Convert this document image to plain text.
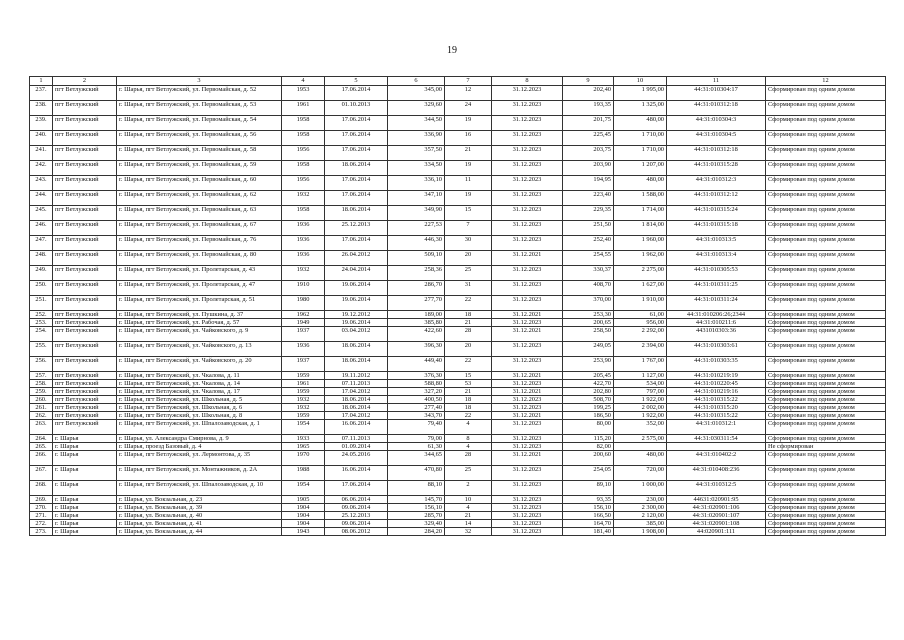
19
1	2	3	4	5	6	7	8	9	10	11	12
237.	пгт Ветлужский	г. Шарья, пгт Ветлужский, ул. Первомайская, д. 52	1953	17.06.2014	345,00	12	31.12.2023	202,40	1 995,00	44:31:010304:17	Сформирован под одним домом
238.	пгт Ветлужский	г. Шарья, пгт Ветлужский, ул. Первомайская, д. 53	1961	01.10.2013	329,60	24	31.12.2023	193,35	1 325,00	44:31:010312:18	Сформирован под одним домом
239.	пгт Ветлужский	г. Шарья, пгт Ветлужский, ул. Первомайская, д. 54	1958	17.06.2014	344,50	19	31.12.2023	201,75	480,00	44:31:010304:3	Сформирован под одним домом
240.	пгт Ветлужский	г. Шарья, пгт Ветлужский, ул. Первомайская, д. 56	1958	17.06.2014	336,90	16	31.12.2023	225,45	1 710,00	44:31:010304:5	Сформирован под одним домом
241.	пгт Ветлужский	г. Шарья, пгт Ветлужский, ул. Первомайская, д. 58	1956	17.06.2014	357,50	21	31.12.2023	203,75	1 710,00	44:31:010312:18	Сформирован под одним домом
242.	пгт Ветлужский	г. Шарья, пгт Ветлужский, ул. Первомайская, д. 59	1958	18.06.2014	334,50	19	31.12.2023	203,90	1 207,00	44:31:010315:28	Сформирован под одним домом
243.	пгт Ветлужский	г. Шарья, пгт Ветлужский, ул. Первомайская, д. 60	1956	17.06.2014	336,10	11	31.12.2023	194,95	480,00	44:31:010312:3	Сформирован под одним домом
244.	пгт Ветлужский	г. Шарья, пгт Ветлужский, ул. Первомайская, д. 62	1932	17.06.2014	347,10	19	31.12.2023	223,40	1 588,00	44:31:010312:12	Сформирован под одним домом
245.	пгт Ветлужский	г. Шарья, пгт Ветлужский, ул. Первомайская, д. 63	1958	18.06.2014	349,90	15	31.12.2023	229,35	1 714,00	44:31:010315:24	Сформирован под одним домом
246.	пгт Ветлужский	г. Шарья, пгт Ветлужский, ул. Первомайская, д. 67	1936	25.12.2013	227,53	7	31.12.2023	251,50	1 814,00	44:31:010315:18	Сформирован под одним домом
247.	пгт Ветлужский	г. Шарья, пгт Ветлужский, ул. Первомайская, д. 76	1936	17.06.2014	446,30	30	31.12.2023	252,40	1 960,00	44:31:010313:5	Сформирован под одним домом
248.	пгт Ветлужский	г. Шарья, пгт Ветлужский, ул. Первомайская, д. 80	1936	26.04.2012	509,10	20	31.12.2021	254,55	1 962,00	44:31:010313:4	Сформирован под одним домом
249.	пгт Ветлужский	г. Шарья, пгт Ветлужский, ул. Пролетарская, д. 43	1932	24.04.2014	258,36	25	31.12.2023	330,37	2 275,00	44:31:010305:53	Сформирован под одним домом
250.	пгт Ветлужский	г. Шарья, пгт Ветлужский, ул. Пролетарская, д. 47	1910	19.06.2014	286,70	31	31.12.2023	408,70	1 627,00	44:31:010311:25	Сформирован под одним домом
251.	пгт Ветлужский	г. Шарья, пгт Ветлужский, ул. Пролетарская, д. 51	1980	19.06.2014	277,70	22	31.12.2023	370,00	1 910,00	44:31:010311:24	Сформирован под одним домом
252.	пгт Ветлужский	г. Шарья, пгт Ветлужский, ул. Пушкина, д. 37	1962	19.12.2012	189,00	18	31.12.2021	253,30	61,00	44:31:010206:26;2344	Сформирован под одним домом
253.	пгт Ветлужский	г. Шарья, пгт Ветлужский, ул. Рабочая, д. 57	1949	19.06.2014	385,80	21	31.12.2023	200,65	956,00	44:31:010211:6	Сформирован под одним домом
254.	пгт Ветлужский	г. Шарья, пгт Ветлужский, ул. Чайковского, д. 9	1937	03.04.2012	422,60	28	31.12.2021	258,50	2 292,00	4431010303:36	Сформирован под одним домом
255.	пгт Ветлужский	г. Шарья, пгт Ветлужский, ул. Чайковского, д. 13	1936	18.06.2014	396,30	20	31.12.2023	249,05	2 394,00	44:31:010303:61	Сформирован под одним домом
256.	пгт Ветлужский	г. Шарья, пгт Ветлужский, ул. Чайковского, д. 20	1937	18.06.2014	449,40	22	31.12.2023	253,90	1 767,00	44:31:010303:35	Сформирован под одним домом
257.	пгт Ветлужский	г. Шарья, пгт Ветлужский, ул. Чкалова, д. 11	1959	19.11.2012	376,30	15	31.12.2021	205,45	1 127,00	44:31:010219:19	Сформирован под одним домом
258.	пгт Ветлужский	г. Шарья, пгт Ветлужский, ул. Чкалова, д. 14	1961	07.11.2013	588,80	53	31.12.2023	422,70	534,00	44:31:010220:45	Сформирован под одним домом
259.	пгт Ветлужский	г. Шарья, пгт Ветлужский, ул. Чкалова, д. 17	1959	17.04.2012	327,20	21	31.12.2021	202,80	797,00	44:31:010219:16	Сформирован под одним домом
260.	пгт Ветлужский	г. Шарья, пгт Ветлужский, ул. Школьная, д. 5	1932	18.06.2014	400,50	18	31.12.2023	508,70	1 922,00	44:31:010315:22	Сформирован под одним домом
261.	пгт Ветлужский	г. Шарья, пгт Ветлужский, ул. Школьная, д. 6	1932	18.06.2014	277,40	18	31.12.2023	199,25	2 002,00	44:31:010315:20	Сформирован под одним домом
262.	пгт Ветлужский	г. Шарья, пгт Ветлужский, ул. Школьная, д. 8	1959	17.04.2012	343,70	22	31.12.2021	186,50	1 922,00	44:31:010315:22	Сформирован под одним домом
263.	пгт Ветлужский	г. Шарья, пгт Ветлужский, ул. Шпалозаводская, д. 1	1954	16.06.2014	79,40	4	31.12.2023	80,00	352,00	44:31:010312:1	Сформирован под одним домом
264.	г. Шарья	г. Шарья, ул. Александра Смирнова, д. 9	1933	07.11.2013	79,00	8	31.12.2023	115,20	2 575,00	44:31:030311:54	Сформирован под одним домом
265.	г. Шарья	г. Шарья, проезд Базовый, д. 4	1965	01.09.2014	61,30	4	31.12.2023	82,00			Не сформирован
266.	г. Шарья	г. Шарья, пгт Ветлужский, ул. Лермонтова, д. 35	1970	24.05.2016	344,65	28	31.12.2021	200,60	480,00	44:31:010402:2	Сформирован под одним домом
267.	г. Шарья	г. Шарья, пгт Ветлужский, ул. Монтажников, д. 2А	1988	16.06.2014	470,80	25	31.12.2023	254,05	720,00	44:31:010408:236	Сформирован под одним домом
268.	г. Шарья	г. Шарья, пгт Ветлужский, ул. Шпалозаводская, д. 10	1954	17.06.2014	88,10	2	31.12.2023	89,10	1 000,00	44:31:010312:5	Сформирован под одним домом
269.	г. Шарья	г. Шарья, ул. Вокзальная, д. 23	1905	06.06.2014	145,70	10	31.12.2023	93,35	230,00	44631:020901:95	Сформирован под одним домом
270.	г. Шарья	г. Шарья, ул. Вокзальная, д. 39	1904	09.06.2014	156,10	4	31.12.2023	156,10	2 300,00	44:31:020901:106	Сформирован под одним домом
271.	г. Шарья	г. Шарья, ул. Вокзальная, д. 40	1904	25.12.2013	285,70	21	31.12.2023	166,50	2 120,00	44:31:020901:107	Сформирован под одним домом
272.	г. Шарья	г. Шарья, ул. Вокзальная, д. 41	1904	09.06.2014	329,40	14	31.12.2023	164,70	385,00	44:31:020901:108	Сформирован под одним домом
273.	г. Шарья	г. Шарья, ул. Вокзальная, д. 44	1943	08.06.2012	284,20	32	31.12.2023	181,40	1 908,00	44:020901:111	Сформирован под одним домом
